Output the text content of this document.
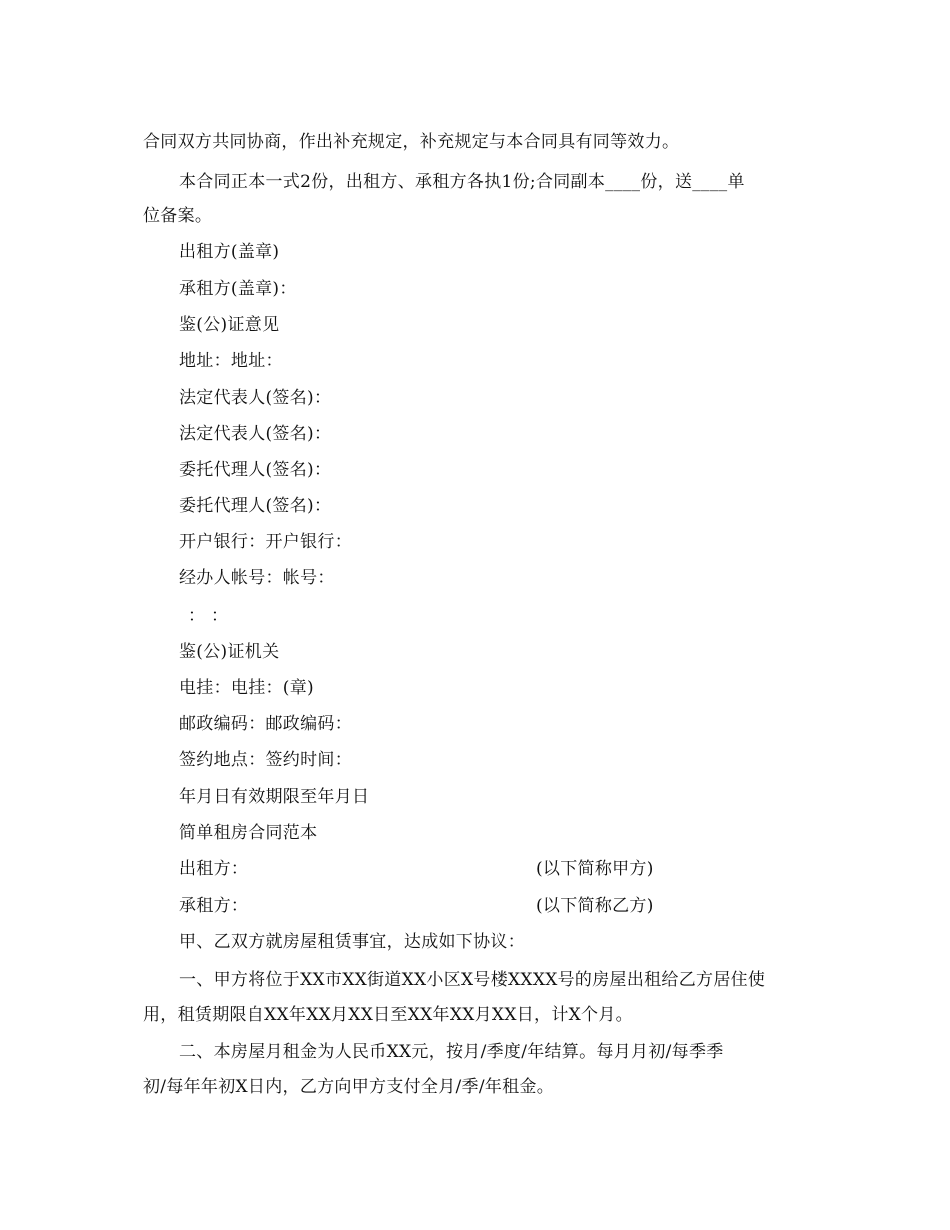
合同双方共同协商，作出补充规定，补充规定与本合同具有同等效力。
本合同正本一式2份，出租方、承租方各执1份;合同副本____份，送____单
位备案。
出租方(盖章)
承租方(盖章)：
鉴(公)证意见
地址：地址：
法定代表人(签名)：
法定代表人(签名)：
委托代理人(签名)：
委托代理人(签名)：
开户银行：开户银行：
经办人帐号：帐号：
： ：
鉴(公)证机关
电挂：电挂：(章)
邮政编码：邮政编码：
签约地点：签约时间：
年月日有效期限至年月日
简单租房合同范本
出租方：	(以下简称甲方)
承租方：	(以下简称乙方)
甲、乙双方就房屋租赁事宜，达成如下协议：
一、甲方将位于XX市XX街道XX小区X号楼XXXX号的房屋出租给乙方居住使
用，租赁期限自XX年XX月XX日至XX年XX月XX日，计X个月。
二、本房屋月租金为人民币XX元，按月/季度/年结算。每月月初/每季季
初/每年年初X日内，乙方向甲方支付全月/季/年租金。
